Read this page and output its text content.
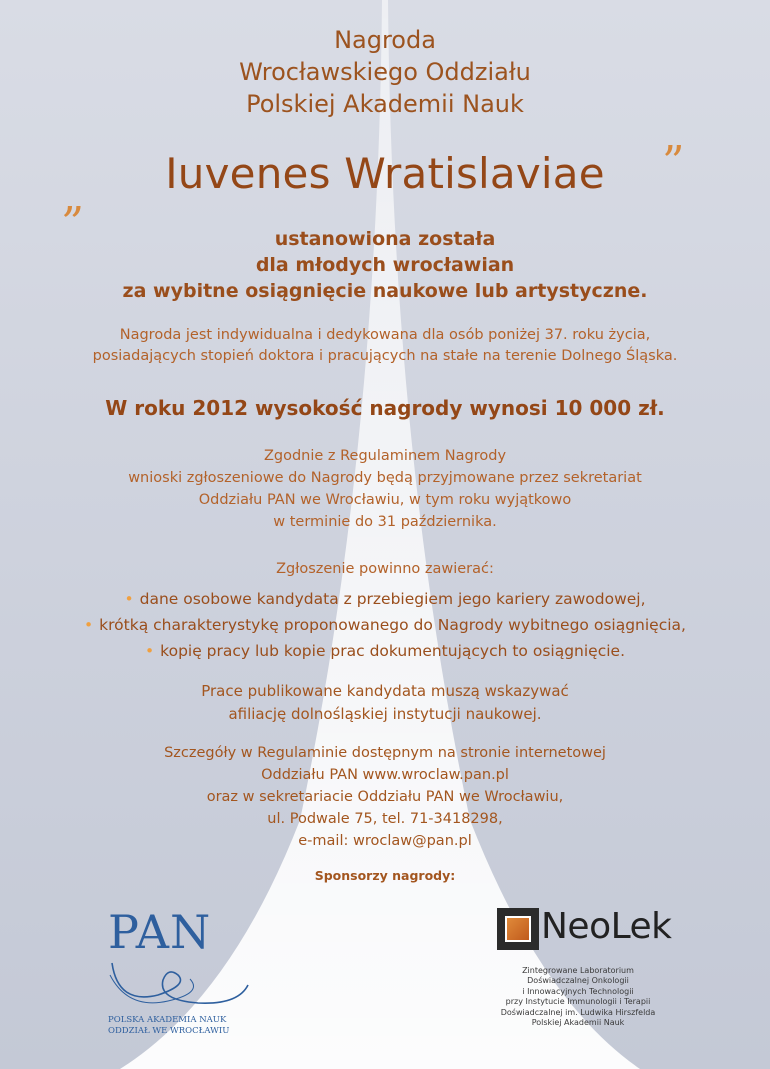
Nagroda
Wrocławskiego Oddziału
Polskiej Akademii Nauk
„	Iuvenes Wratislaviae	”
ustanowiona została
dla młodych wrocławian
za wybitne osiągnięcie naukowe lub artystyczne.
Nagroda jest indywidualna i dedykowana dla osób poniżej 37. roku życia,
posiadających stopień doktora i pracujących na stałe na terenie Dolnego Śląska.
W roku 2012 wysokość nagrody wynosi 10 000 zł.
Zgodnie z Regulaminem Nagrody
wnioski zgłoszeniowe do Nagrody będą przyjmowane przez sekretariat
Oddziału PAN we Wrocławiu, w tym roku wyjątkowo
w terminie do 31 października.
Zgłoszenie powinno zawierać:
• dane osobowe kandydata z przebiegiem jego kariery zawodowej,
• krótką charakterystykę proponowanego do Nagrody wybitnego osiągnięcia,
• kopię pracy lub kopie prac dokumentujących to osiągnięcie.
Prace publikowane kandydata muszą wskazywać
afiliację dolnośląskiej instytucji naukowej.
Szczegóły w Regulaminie dostępnym na stronie internetowej
Oddziału PAN www.wroclaw.pan.pl
oraz w sekretariacie Oddziału PAN we Wrocławiu,
ul. Podwale 75, tel. 71-3418298,
e-mail: wroclaw@pan.pl
Sponsorzy nagrody:
PAN
POLSKA AKADEMIA NAUK
ODDZIAŁ WE WROCŁAWIU
NeoLek
Zintegrowane Laboratorium
Doświadczalnej Onkologii
i Innowacyjnych Technologii
przy Instytucie Immunologii i Terapii
Doświadczalnej im. Ludwika Hirszfelda
Polskiej Akademii Nauk
